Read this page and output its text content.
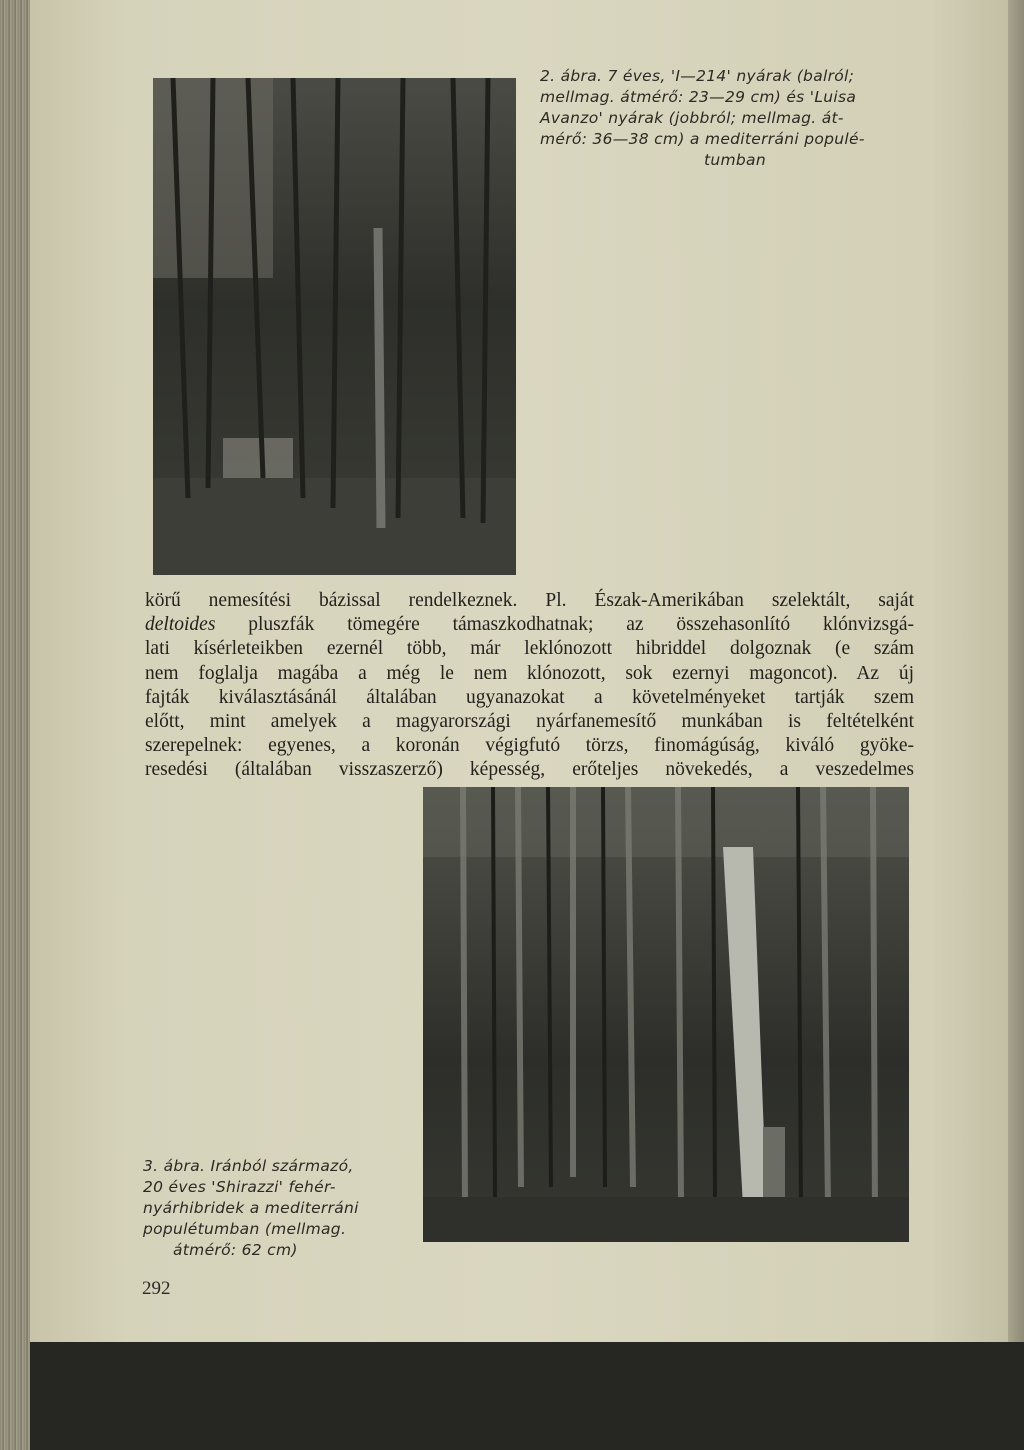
2. ábra. 7 éves, 'I—214' nyárak (balról;
mellmag. átmérő: 23—29 cm) és 'Luisa
Avanzo' nyárak (jobbról; mellmag. át-
mérő: 36—38 cm) a mediterráni populé-
tumban
körű nemesítési bázissal rendelkeznek. Pl. Észak-Amerikában szelektált, saját
deltoides pluszfák tömegére támaszkodhatnak; az összehasonlító klónvizsgá-
lati kísérleteikben ezernél több, már leklónozott hibriddel dolgoznak (e szám
nem foglalja magába a még le nem klónozott, sok ezernyi magoncot). Az új
fajták kiválasztásánál általában ugyanazokat a követelményeket tartják szem
előtt, mint amelyek a magyarországi nyárfanemesítő munkában is feltételként
szerepelnek: egyenes, a koronán végigfutó törzs, finomágúság, kiváló gyöke-
resedési (általában visszaszerző) képesség, erőteljes növekedés, a veszedelmes
3. ábra. Iránból származó,
20 éves 'Shirazzi' fehér-
nyárhibridek a mediterráni
populétumban (mellmag.
átmérő: 62 cm)
292
